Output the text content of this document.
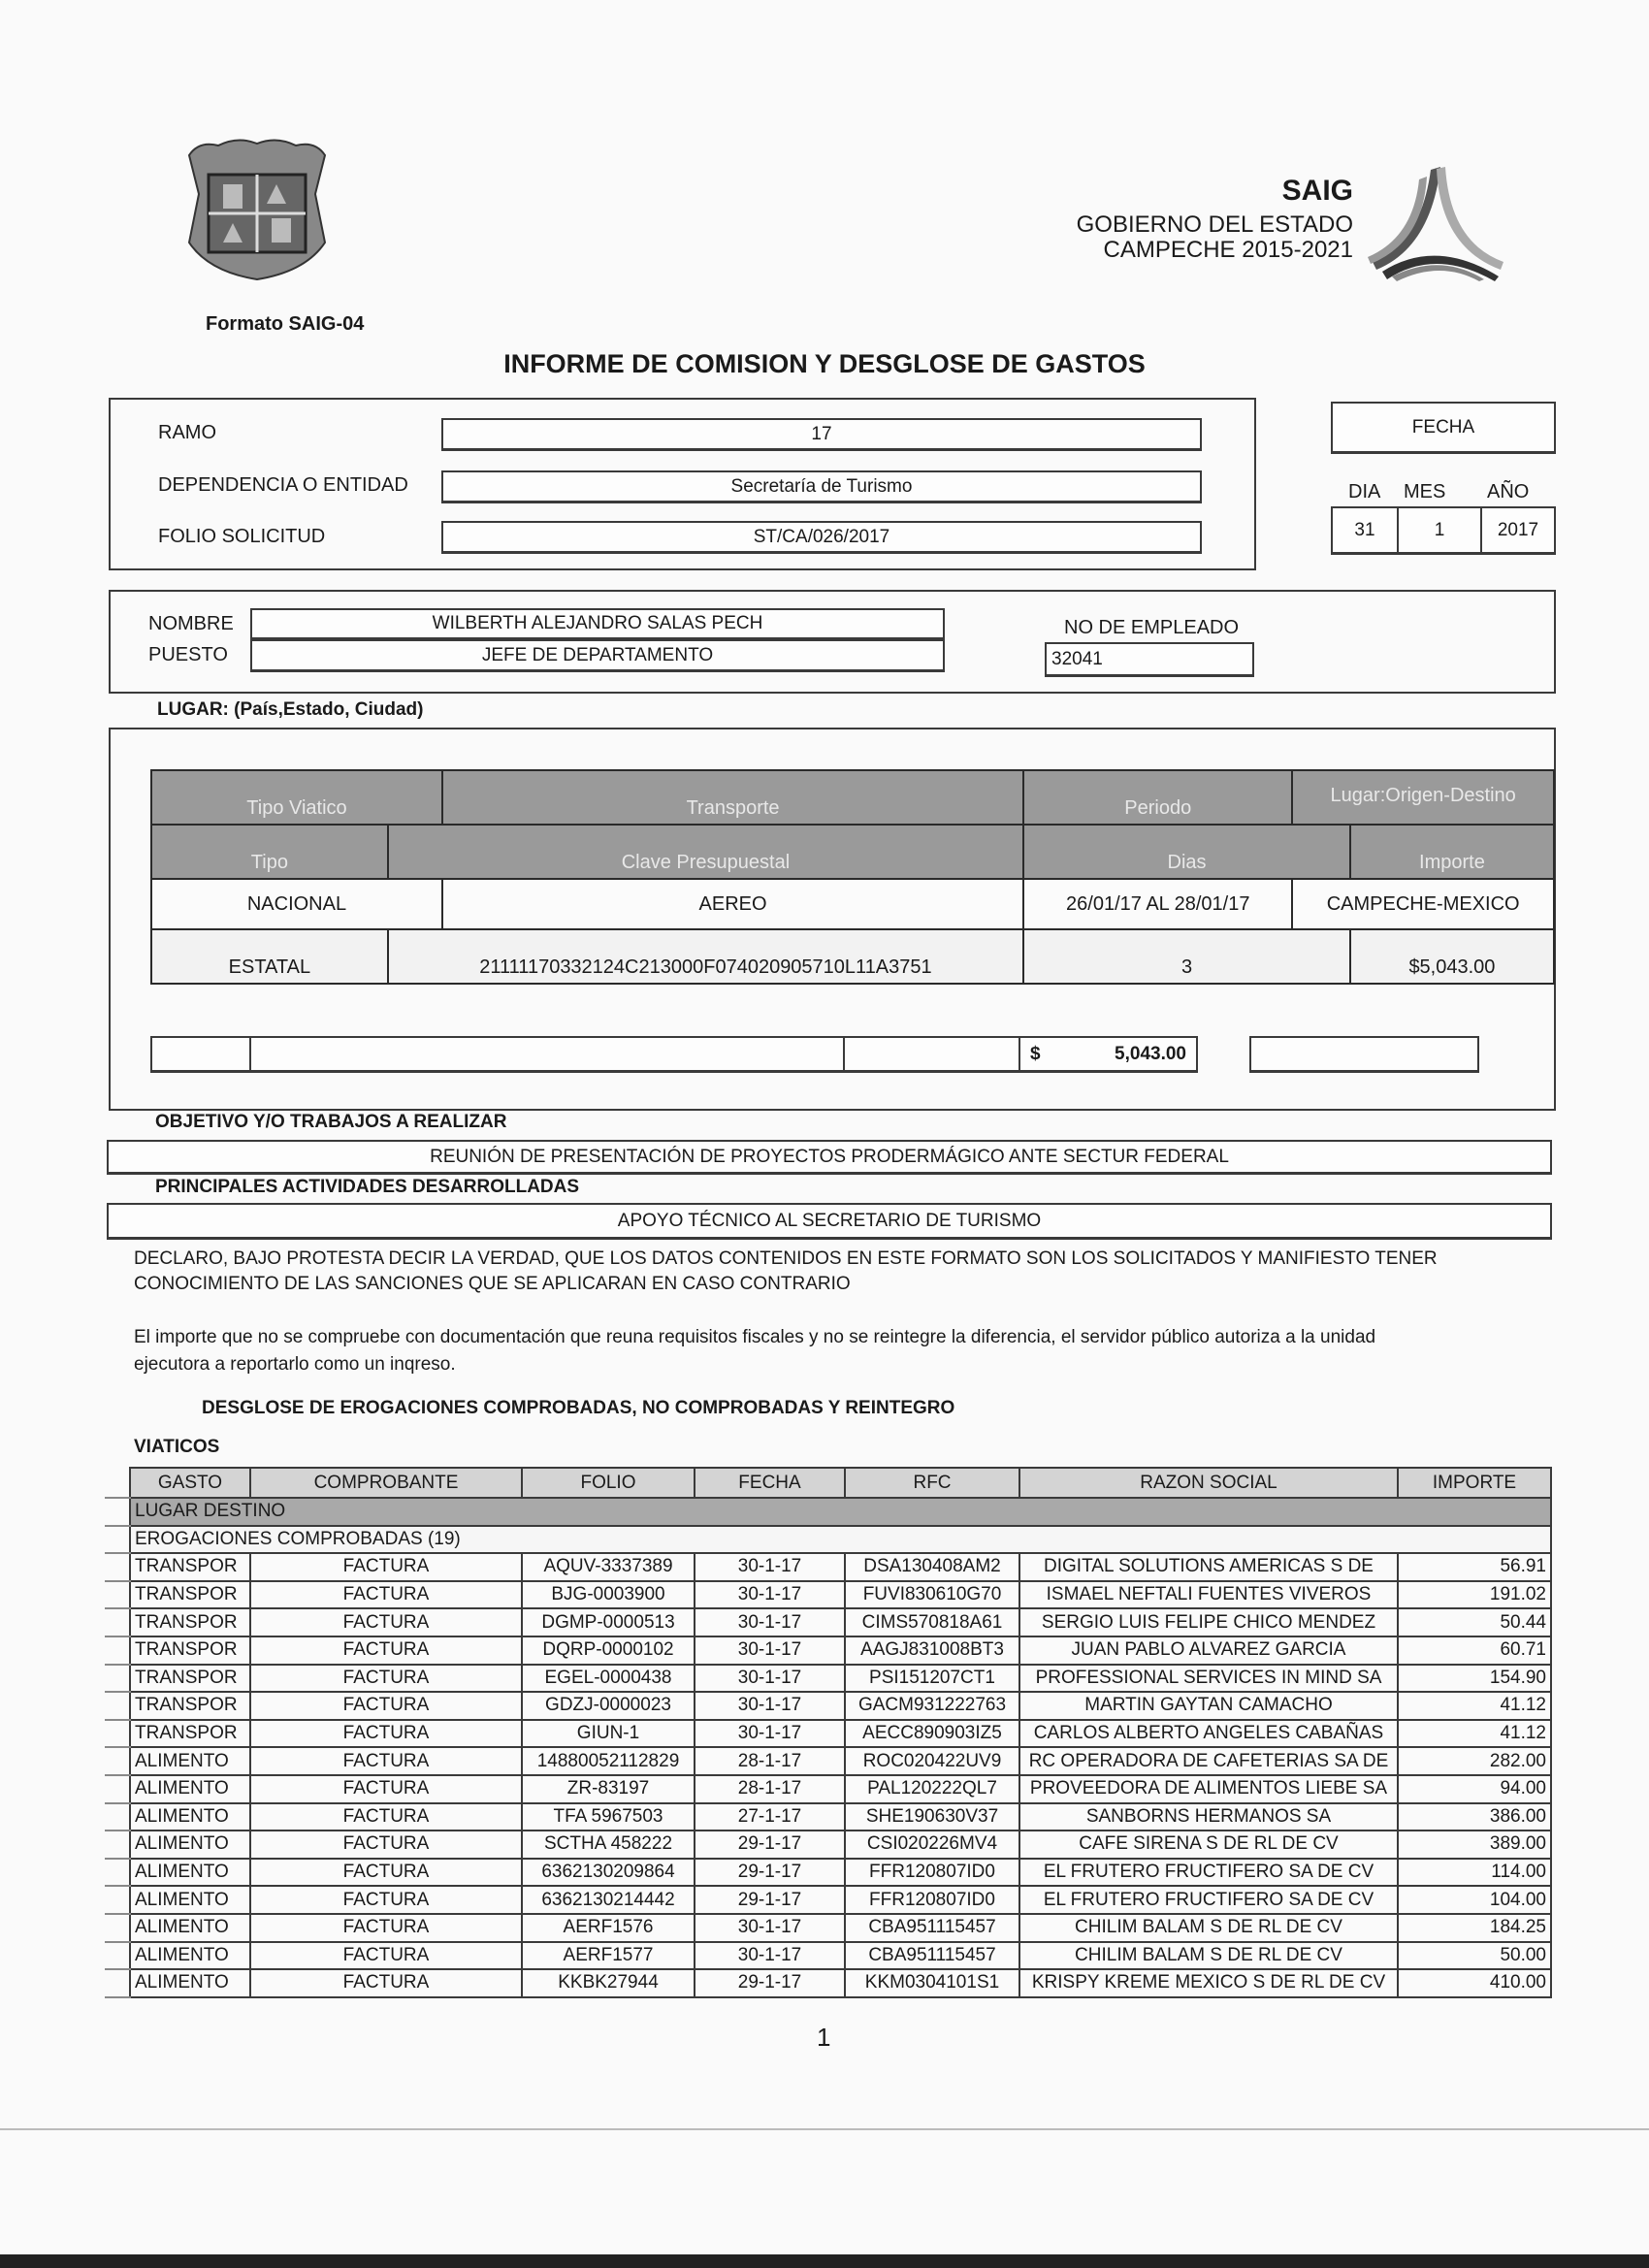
SAIG
GOBIERNO DEL ESTADO
CAMPECHE 2015-2021
Formato SAIG-04
INFORME DE COMISION Y DESGLOSE DE GASTOS
RAMO	17
DEPENDENCIA O ENTIDAD	Secretaría de Turismo
FOLIO SOLICITUD	ST/CA/026/2017
FECHA
DIA MES AÑO
31	1	2017
NOMBRE	WILBERTH ALEJANDRO SALAS PECH
PUESTO	JEFE DE DEPARTAMENTO
NO DE EMPLEADO
32041
LUGAR: (País,Estado, Ciudad)
Tipo Viatico		Transporte	Periodo	Lugar:Origen-Destino	
Tipo	Clave Presupuestal		Dias		Importe
NACIONAL		AEREO	26/01/17 AL 28/01/17	CAMPECHE-MEXICO	
ESTATAL	21111170332124C213000F074020905710L11A3751		3		$5,043.00
$	5,043.00
OBJETIVO Y/O TRABAJOS A REALIZAR
REUNIÓN DE PRESENTACIÓN DE PROYECTOS PRODERMÁGICO ANTE SECTUR FEDERAL
PRINCIPALES ACTIVIDADES DESARROLLADAS
APOYO TÉCNICO AL SECRETARIO DE TURISMO
DECLARO, BAJO PROTESTA DECIR LA VERDAD, QUE LOS DATOS CONTENIDOS EN ESTE FORMATO SON LOS SOLICITADOS Y MANIFIESTO TENER
CONOCIMIENTO DE LAS SANCIONES QUE SE APLICARAN EN CASO CONTRARIO
El importe que no se compruebe con documentación que reuna requisitos fiscales y no se reintegre la diferencia, el servidor público autoriza a la unidad
ejecutora a reportarlo como un inqreso.
DESGLOSE DE EROGACIONES COMPROBADAS, NO COMPROBADAS Y REINTEGRO
VIATICOS
GASTO	COMPROBANTE	FOLIO	FECHA	RFC	RAZON SOCIAL	IMPORTE
LUGAR DESTINO						
EROGACIONES COMPROBADAS (19)						
TRANSPOR	FACTURA	AQUV-3337389	30-1-17	DSA130408AM2	DIGITAL SOLUTIONS AMERICAS S DE	56.91
TRANSPOR	FACTURA	BJG-0003900	30-1-17	FUVI830610G70	ISMAEL NEFTALI FUENTES VIVEROS	191.02
TRANSPOR	FACTURA	DGMP-0000513	30-1-17	CIMS570818A61	SERGIO LUIS FELIPE CHICO MENDEZ	50.44
TRANSPOR	FACTURA	DQRP-0000102	30-1-17	AAGJ831008BT3	JUAN PABLO ALVAREZ GARCIA	60.71
TRANSPOR	FACTURA	EGEL-0000438	30-1-17	PSI151207CT1	PROFESSIONAL SERVICES IN MIND SA	154.90
TRANSPOR	FACTURA	GDZJ-0000023	30-1-17	GACM931222763	MARTIN GAYTAN CAMACHO	41.12
TRANSPOR	FACTURA	GIUN-1	30-1-17	AECC890903IZ5	CARLOS ALBERTO ANGELES CABAÑAS	41.12
ALIMENTO	FACTURA	14880052112829	28-1-17	ROC020422UV9	RC OPERADORA DE CAFETERIAS SA DE	282.00
ALIMENTO	FACTURA	ZR-83197	28-1-17	PAL120222QL7	PROVEEDORA DE ALIMENTOS LIEBE SA	94.00
ALIMENTO	FACTURA	TFA 5967503	27-1-17	SHE190630V37	SANBORNS HERMANOS SA	386.00
ALIMENTO	FACTURA	SCTHA 458222	29-1-17	CSI020226MV4	CAFE SIRENA S DE RL DE CV	389.00
ALIMENTO	FACTURA	6362130209864	29-1-17	FFR120807ID0	EL FRUTERO FRUCTIFERO SA DE CV	114.00
ALIMENTO	FACTURA	6362130214442	29-1-17	FFR120807ID0	EL FRUTERO FRUCTIFERO SA DE CV	104.00
ALIMENTO	FACTURA	AERF1576	30-1-17	CBA951115457	CHILIM BALAM S DE RL DE CV	184.25
ALIMENTO	FACTURA	AERF1577	30-1-17	CBA951115457	CHILIM BALAM S DE RL DE CV	50.00
ALIMENTO	FACTURA	KKBK27944	29-1-17	KKM0304101S1	KRISPY KREME MEXICO S DE RL DE CV	410.00
1
